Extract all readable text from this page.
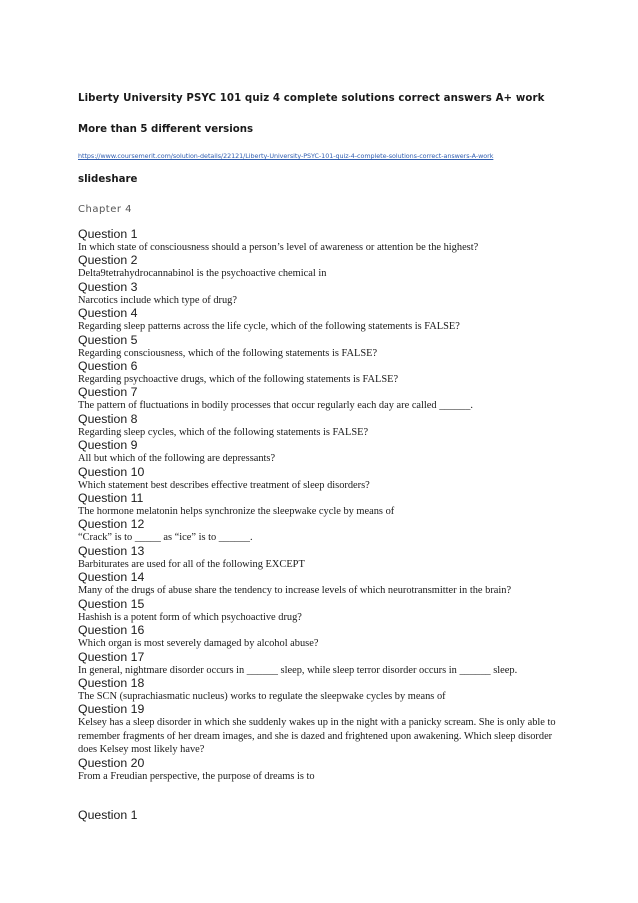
Liberty University PSYC 101 quiz 4 complete solutions correct answers A+ work
More than 5 different versions
https://www.coursemerit.com/solution-details/22121/Liberty-University-PSYC-101-quiz-4-complete-solutions-correct-answers-A-work
slideshare
Chapter 4
Question 1
In which state of consciousness should a person’s level of awareness or attention be the highest?
Question 2
Delta9tetrahydrocannabinol is the psychoactive chemical in
Question 3
Narcotics include which type of drug?
Question 4
Regarding sleep patterns across the life cycle, which of the following statements is FALSE?
Question 5
Regarding consciousness, which of the following statements is FALSE?
Question 6
Regarding psychoactive drugs, which of the following statements is FALSE?
Question 7
The pattern of fluctuations in bodily processes that occur regularly each day are called ______.
Question 8
Regarding sleep cycles, which of the following statements is FALSE?
Question 9
All but which of the following are depressants?
Question 10
Which statement best describes effective treatment of sleep disorders?
Question 11
The hormone melatonin helps synchronize the sleepwake cycle by means of
Question 12
“Crack” is to _____ as “ice” is to ______.
Question 13
Barbiturates are used for all of the following EXCEPT
Question 14
Many of the drugs of abuse share the tendency to increase levels of which neurotransmitter in the brain?
Question 15
Hashish is a potent form of which psychoactive drug?
Question 16
Which organ is most severely damaged by alcohol abuse?
Question 17
In general, nightmare disorder occurs in ______ sleep, while sleep terror disorder occurs in ______ sleep.
Question 18
The SCN (suprachiasmatic nucleus) works to regulate the sleepwake cycles by means of
Question 19
Kelsey has a sleep disorder in which she suddenly wakes up in the night with a panicky scream. She is only able to remember fragments of her dream images, and she is dazed and frightened upon awakening. Which sleep disorder does Kelsey most likely have?
Question 20
From a Freudian perspective, the purpose of dreams is to
Question 1
